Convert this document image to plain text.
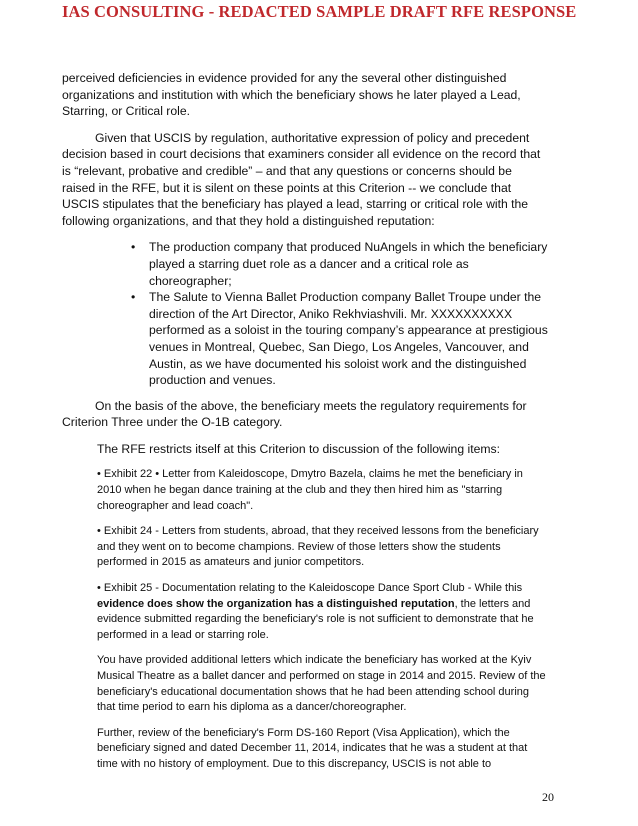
IAS CONSULTING - REDACTED SAMPLE DRAFT RFE RESPONSE

perceived deficiencies in evidence provided for any the several other distinguished organizations and institution with which the beneficiary shows he later played a Lead, Starring, or Critical role.

Given that USCIS by regulation, authoritative expression of policy and precedent decision based in court decisions that examiners consider all evidence on the record that is “relevant, probative and credible” – and that any questions or concerns should be raised in the RFE, but it is silent on these points at this Criterion -- we conclude that USCIS stipulates that the beneficiary has played a lead, starring or critical role with the following organizations, and that they hold a distinguished reputation:

• The production company that produced NuAngels in which the beneficiary played a starring duet role as a dancer and a critical role as choreographer;
• The Salute to Vienna Ballet Production company Ballet Troupe under the direction of the Art Director, Aniko Rekhviashvili. Mr. XXXXXXXXXX performed as a soloist in the touring company’s appearance at prestigious venues in Montreal, Quebec, San Diego, Los Angeles, Vancouver, and Austin, as we have documented his soloist work and the distinguished production and venues.

On the basis of the above, the beneficiary meets the regulatory requirements for Criterion Three under the O-1B category.

The RFE restricts itself at this Criterion to discussion of the following items:

• Exhibit 22 • Letter from Kaleidoscope, Dmytro Bazela, claims he met the beneficiary in 2010 when he began dance training at the club and they then hired him as "starring choreographer and lead coach".

• Exhibit 24 - Letters from students, abroad, that they received lessons from the beneficiary and they went on to become champions. Review of those letters show the students performed in 2015 as amateurs and junior competitors.

• Exhibit 25 - Documentation relating to the Kaleidoscope Dance Sport Club - While this evidence does show the organization has a distinguished reputation, the letters and evidence submitted regarding the beneficiary's role is not sufficient to demonstrate that he performed in a lead or starring role.

You have provided additional letters which indicate the beneficiary has worked at the Kyiv Musical Theatre as a ballet dancer and performed on stage in 2014 and 2015. Review of the beneficiary's educational documentation shows that he had been attending school during that time period to earn his diploma as a dancer/choreographer.

Further, review of the beneficiary's Form DS-160 Report (Visa Application), which the beneficiary signed and dated December 11, 2014, indicates that he was a student at that time with no history of employment. Due to this discrepancy, USCIS is not able to

20
